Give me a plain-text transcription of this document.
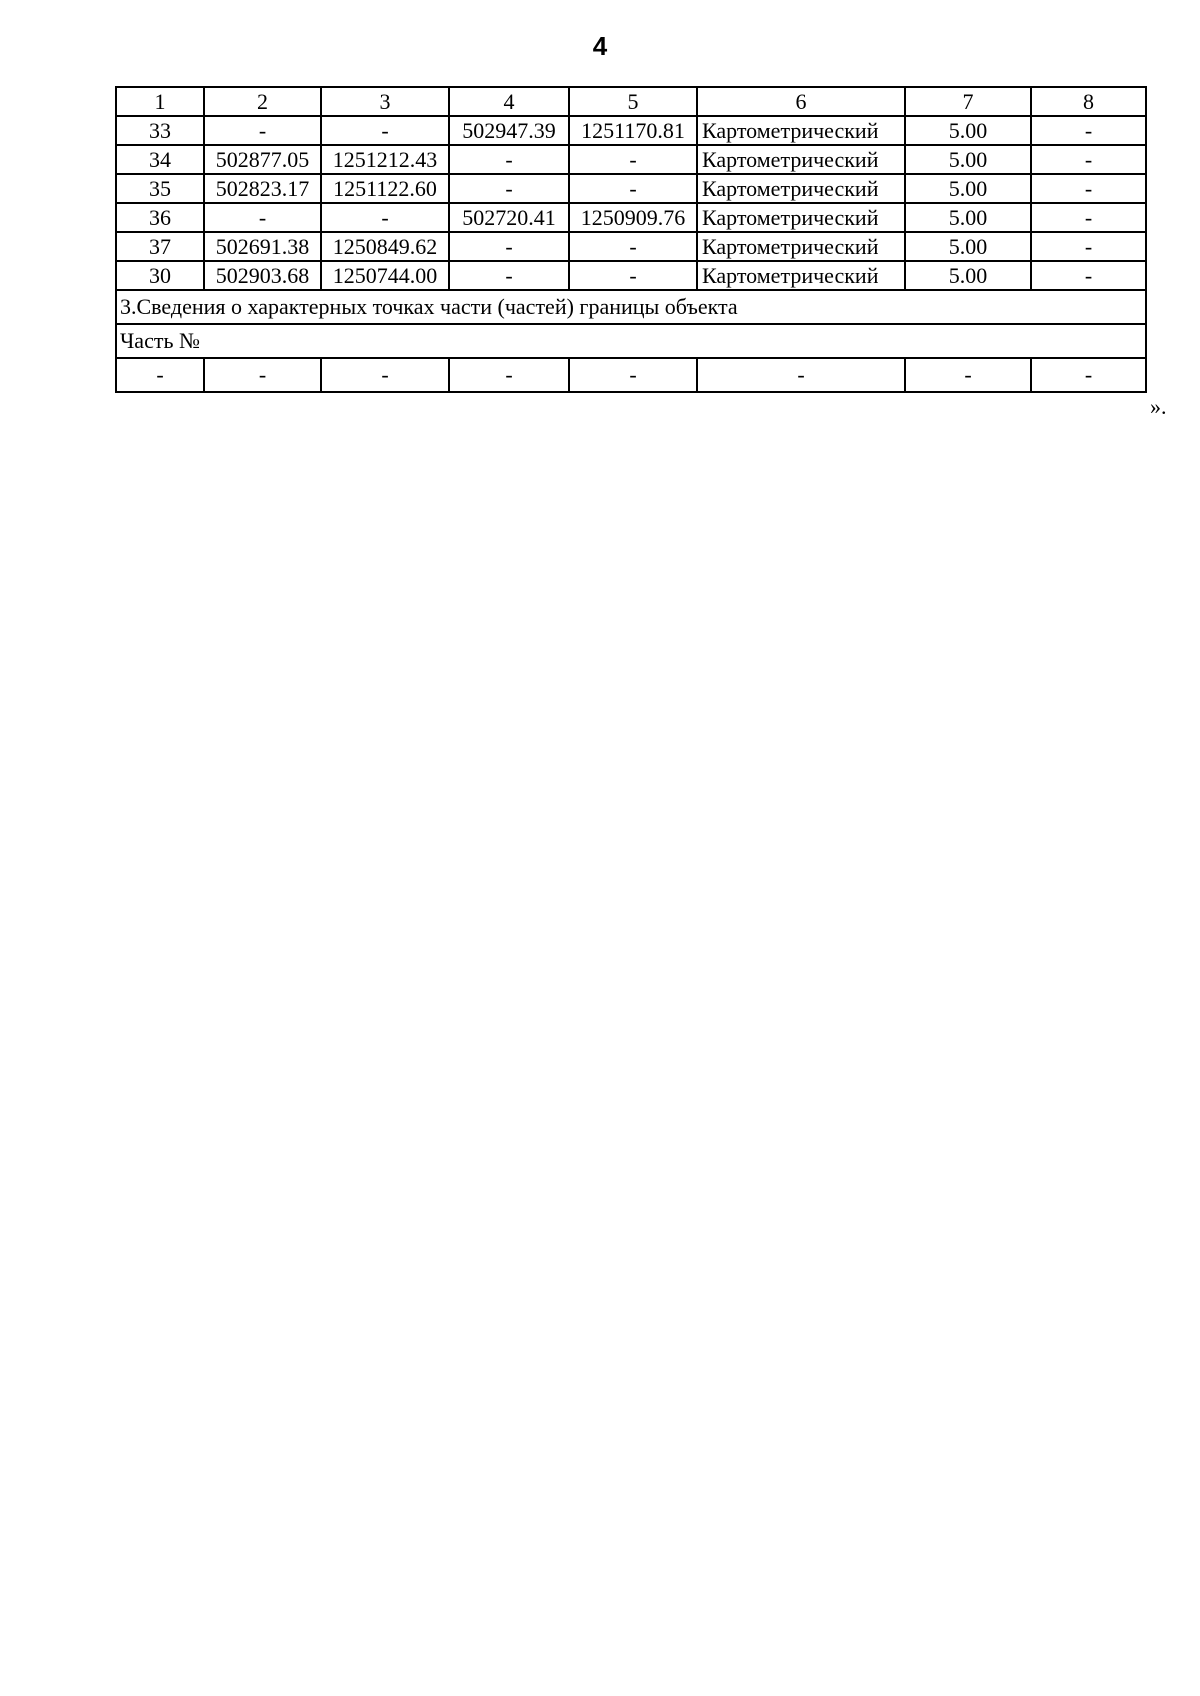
4
1	2	3	4	5	6	7	8
33	-	-	502947.39	1251170.81	Картометрический	5.00	-
34	502877.05	1251212.43	-	-	Картометрический	5.00	-
35	502823.17	1251122.60	-	-	Картометрический	5.00	-
36	-	-	502720.41	1250909.76	Картометрический	5.00	-
37	502691.38	1250849.62	-	-	Картометрический	5.00	-
30	502903.68	1250744.00	-	-	Картометрический	5.00	-
3.Сведения о характерных точках части (частей) границы объекта							
Часть №							
-	-	-	-	-	-	-	-
».
